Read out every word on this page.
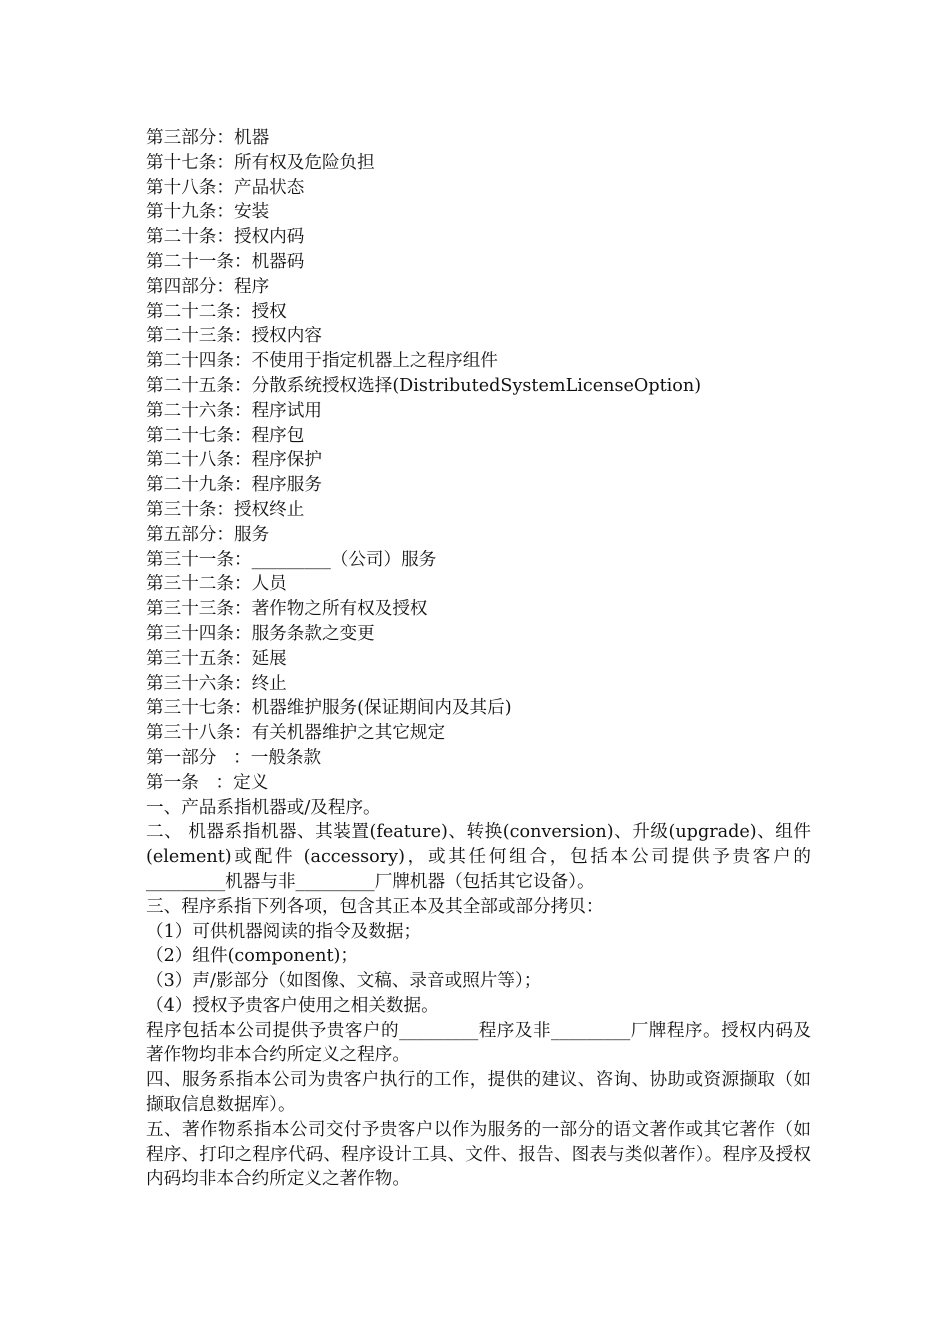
第三部分：机器
第十七条：所有权及危险负担
第十八条：产品状态
第十九条：安装
第二十条：授权内码
第二十一条：机器码
第四部分：程序
第二十二条：授权
第二十三条：授权内容
第二十四条：不使用于指定机器上之程序组件
第二十五条：分散系统授权选择(DistributedSystemLicenseOption)
第二十六条：程序试用
第二十七条：程序包
第二十八条：程序保护
第二十九条：程序服务
第三十条：授权终止
第五部分：服务
第三十一条：_________（公司）服务
第三十二条：人员
第三十三条：著作物之所有权及授权
第三十四条：服务条款之变更
第三十五条：延展
第三十六条：终止
第三十七条：机器维护服务(保证期间内及其后)
第三十八条：有关机器维护之其它规定
第一部分   ：一般条款
第一条   ：定义
一、产品系指机器或/及程序。
二、 机器系指机器、其装置(feature)、转换(conversion)、升级(upgrade)、组件(element)或配件 (accessory)，或其任何组合，包括本公司提供予贵客户的_________机器与非_________厂牌机器（包括其它设备）。
三、程序系指下列各项，包含其正本及其全部或部分拷贝：
（1）可供机器阅读的指令及数据；
（2）组件(component)；
（3）声/影部分（如图像、文稿、录音或照片等）；
（4）授权予贵客户使用之相关数据。
程序包括本公司提供予贵客户的_________程序及非_________厂牌程序。授权内码及著作物均非本合约所定义之程序。
四、服务系指本公司为贵客户执行的工作，提供的建议、咨询、协助或资源撷取（如撷取信息数据库）。
五、著作物系指本公司交付予贵客户以作为服务的一部分的语文著作或其它著作（如程序、打印之程序代码、程序设计工具、文件、报告、图表与类似著作）。程序及授权内码均非本合约所定义之著作物。
